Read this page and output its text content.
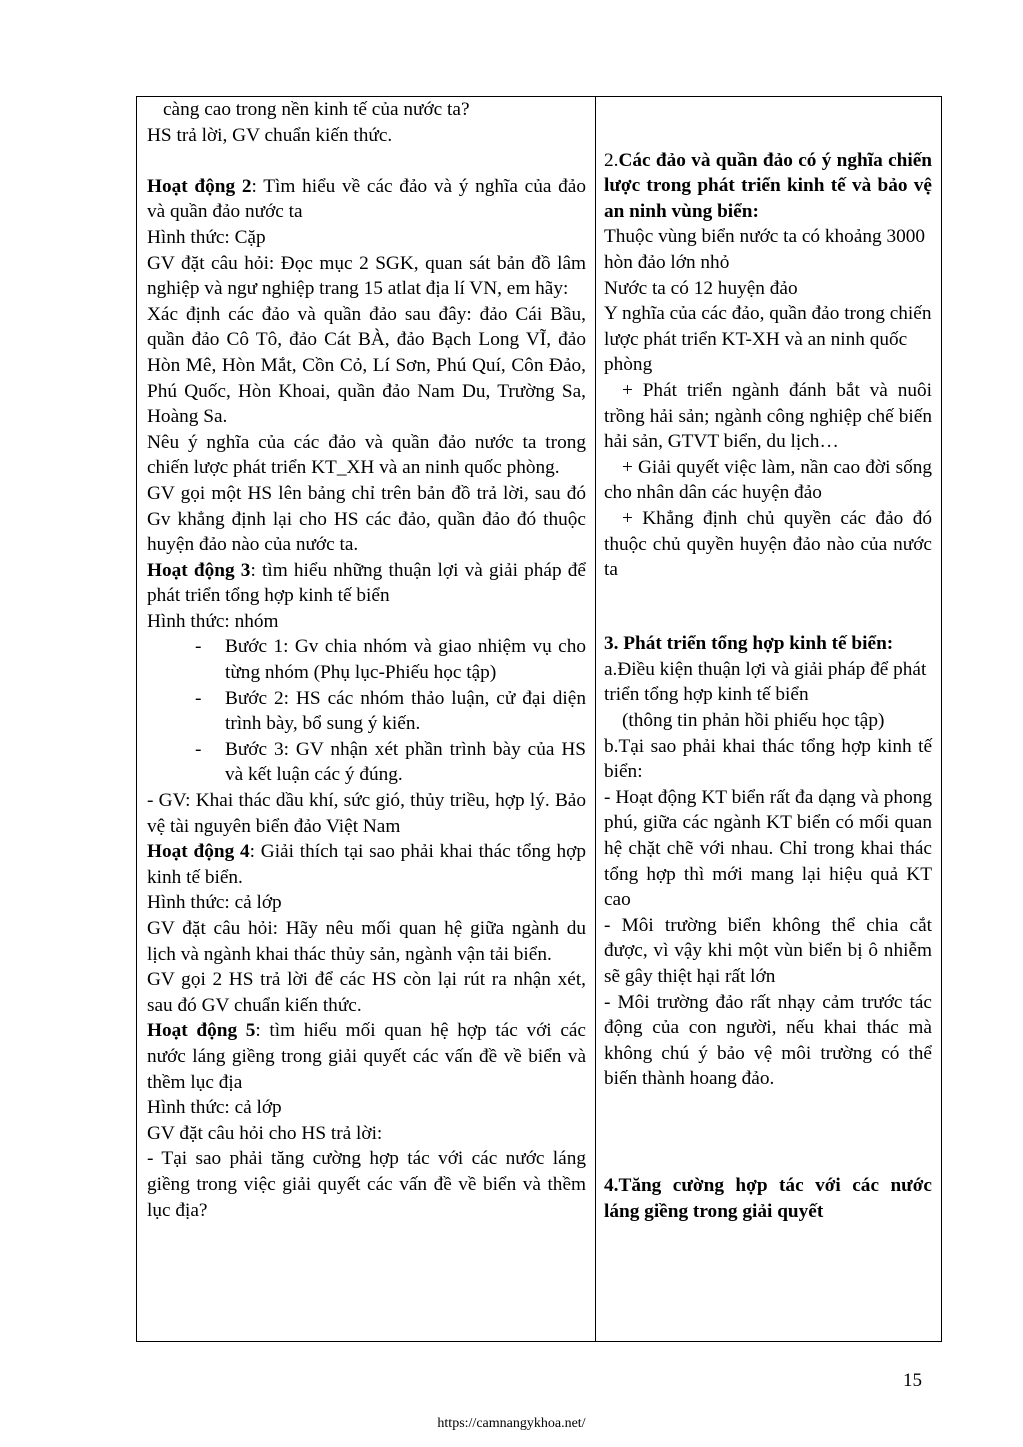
càng cao trong nền kinh tế của nước ta?

HS trả lời, GV chuẩn kiến thức.

Hoạt động 2: Tìm hiểu về các đảo và ý nghĩa của đảo và quần đảo nước ta

Hình thức: Cặp

GV đặt câu hỏi: Đọc mục 2 SGK, quan sát bản đồ lâm nghiệp và ngư nghiệp trang 15 atlat địa lí VN, em hãy:

Xác định các đảo và quần đảo sau đây: đảo Cái Bầu, quần đảo Cô Tô, đảo Cát BÀ, đảo Bạch Long VĨ, đảo Hòn Mê, Hòn Mắt, Cồn Cỏ, Lí Sơn, Phú Quí, Côn Đảo, Phú Quốc, Hòn Khoai, quần đảo Nam Du, Trường Sa, Hoàng Sa.

Nêu ý nghĩa của các đảo và quần đảo nước ta trong chiến lược phát triển KT_XH và an ninh quốc phòng.

GV gọi một HS lên bảng chỉ trên bản đồ trả lời, sau đó Gv khẳng định lại cho HS các đảo, quần đảo đó thuộc huyện đảo nào của nước ta.

Hoạt động 3: tìm hiểu những thuận lợi và giải pháp để phát triển tổng hợp kinh tế biển

Hình thức: nhóm

- Bước 1: Gv chia nhóm và giao nhiệm vụ cho từng nhóm (Phụ lục-Phiếu học tập)

- Bước 2: HS các nhóm thảo luận, cử đại diện trình bày, bổ sung ý kiến.

- Bước 3: GV nhận xét phần trình bày của HS và kết luận các ý đúng.

- GV: Khai thác dầu khí, sức gió, thủy triều, hợp lý. Bảo vệ tài nguyên biển đảo Việt Nam

Hoạt động 4: Giải thích tại sao phải khai thác tổng hợp kinh tế biển.

Hình thức: cả lớp

GV đặt câu hỏi: Hãy nêu mối quan hệ giữa ngành du lịch và ngành khai thác thủy sản, ngành vận tải biển.

GV gọi 2 HS trả lời để các HS còn lại rút ra nhận xét, sau đó GV chuẩn kiến thức.

Hoạt động 5: tìm hiểu mối quan hệ hợp tác với các nước láng giềng trong giải quyết các vấn đề về biển và thềm lục địa

Hình thức: cả lớp

GV đặt câu hỏi cho HS trả lời:

- Tại sao phải tăng cường hợp tác với các nước láng giềng trong việc giải quyết các vấn đề về biển và thềm lục địa?

2.Các đảo và quần đảo có ý nghĩa chiến lược trong phát triển kinh tế và bảo vệ an ninh vùng biển:

Thuộc vùng biển nước ta có khoảng 3000 hòn đảo lớn nhỏ

Nước ta có 12 huyện đảo

Y nghĩa của các đảo, quần đảo trong chiến lược phát triển KT-XH và an ninh quốc phòng

+ Phát triển ngành đánh bắt và nuôi trồng hải sản; ngành công nghiệp chế biến hải sản, GTVT biển, du lịch…

+ Giải quyết việc làm, nần cao đời sống cho nhân dân các huyện đảo

+ Khẳng định chủ quyền các đảo đó thuộc chủ quyền huyện đảo nào của nước ta

3. Phát triển tổng hợp kinh tế biển:

a.Điều kiện thuận lợi và giải pháp để phát triển tổng hợp kinh tế biển

(thông tin phản hồi phiếu học tập)

b.Tại sao phải khai thác tổng hợp kinh tế biển:

- Hoạt động KT biển rất đa dạng và phong phú, giữa các ngành KT biển có mối quan hệ chặt chẽ với nhau. Chỉ trong khai thác tổng hợp thì mới mang lại hiệu quả KT cao

- Môi trường biển không thể chia cắt được, vì vậy khi một vùn biển bị ô nhiễm sẽ gây thiệt hại rất lớn

- Môi trường đảo rất nhạy cảm trước tác động của con người, nếu khai thác mà không chú ý bảo vệ môi trường có thể biến thành hoang đảo.

4.Tăng cường hợp tác với các nước láng giềng trong giải quyết

15
https://camnangykhoa.net/
